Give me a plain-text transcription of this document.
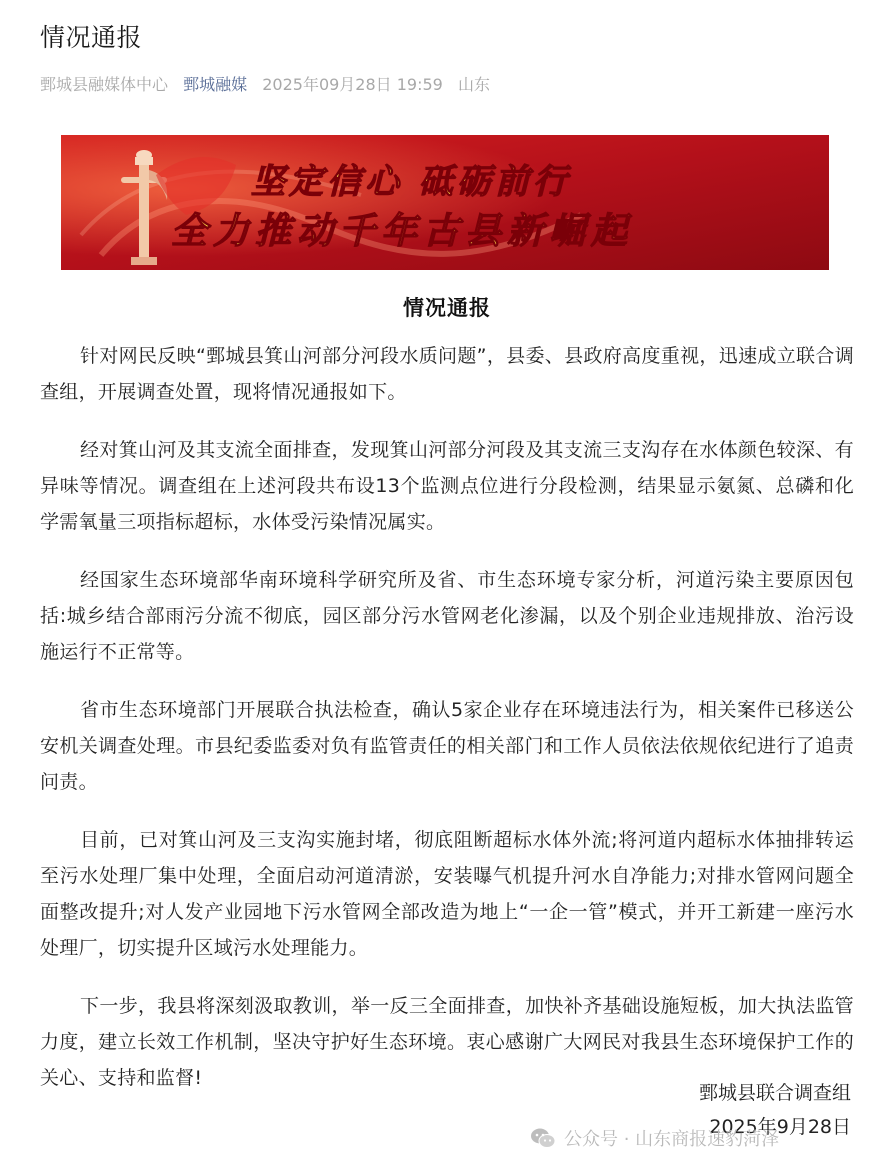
情况通报
鄄城县融媒体中心 鄄城融媒 2025年09月28日 19:59 山东
坚定信心 砥砺前行
全力推动千年古县新崛起
情况通报

针对网民反映“鄄城县箕山河部分河段水质问题”，县委、县政府高度重视，迅速成立联合调查组，开展调查处置，现将情况通报如下。

经对箕山河及其支流全面排查，发现箕山河部分河段及其支流三支沟存在水体颜色较深、有异味等情况。调查组在上述河段共布设13个监测点位进行分段检测，结果显示氨氮、总磷和化学需氧量三项指标超标，水体受污染情况属实。

经国家生态环境部华南环境科学研究所及省、市生态环境专家分析，河道污染主要原因包括:城乡结合部雨污分流不彻底，园区部分污水管网老化渗漏，以及个别企业违规排放、治污设施运行不正常等。

省市生态环境部门开展联合执法检查，确认5家企业存在环境违法行为，相关案件已移送公安机关调查处理。市县纪委监委对负有监管责任的相关部门和工作人员依法依规依纪进行了追责问责。

目前，已对箕山河及三支沟实施封堵，彻底阻断超标水体外流;将河道内超标水体抽排转运至污水处理厂集中处理，全面启动河道清淤，安装曝气机提升河水自净能力;对排水管网问题全面整改提升;对人发产业园地下污水管网全部改造为地上“一企一管”模式，并开工新建一座污水处理厂，切实提升区域污水处理能力。

下一步，我县将深刻汲取教训，举一反三全面排查，加快补齐基础设施短板，加大执法监管力度，建立长效工作机制，坚决守护好生态环境。衷心感谢广大网民对我县生态环境保护工作的关心、支持和监督!

鄄城县联合调查组
2025年9月28日
公众号 · 山东商报速豹菏泽
